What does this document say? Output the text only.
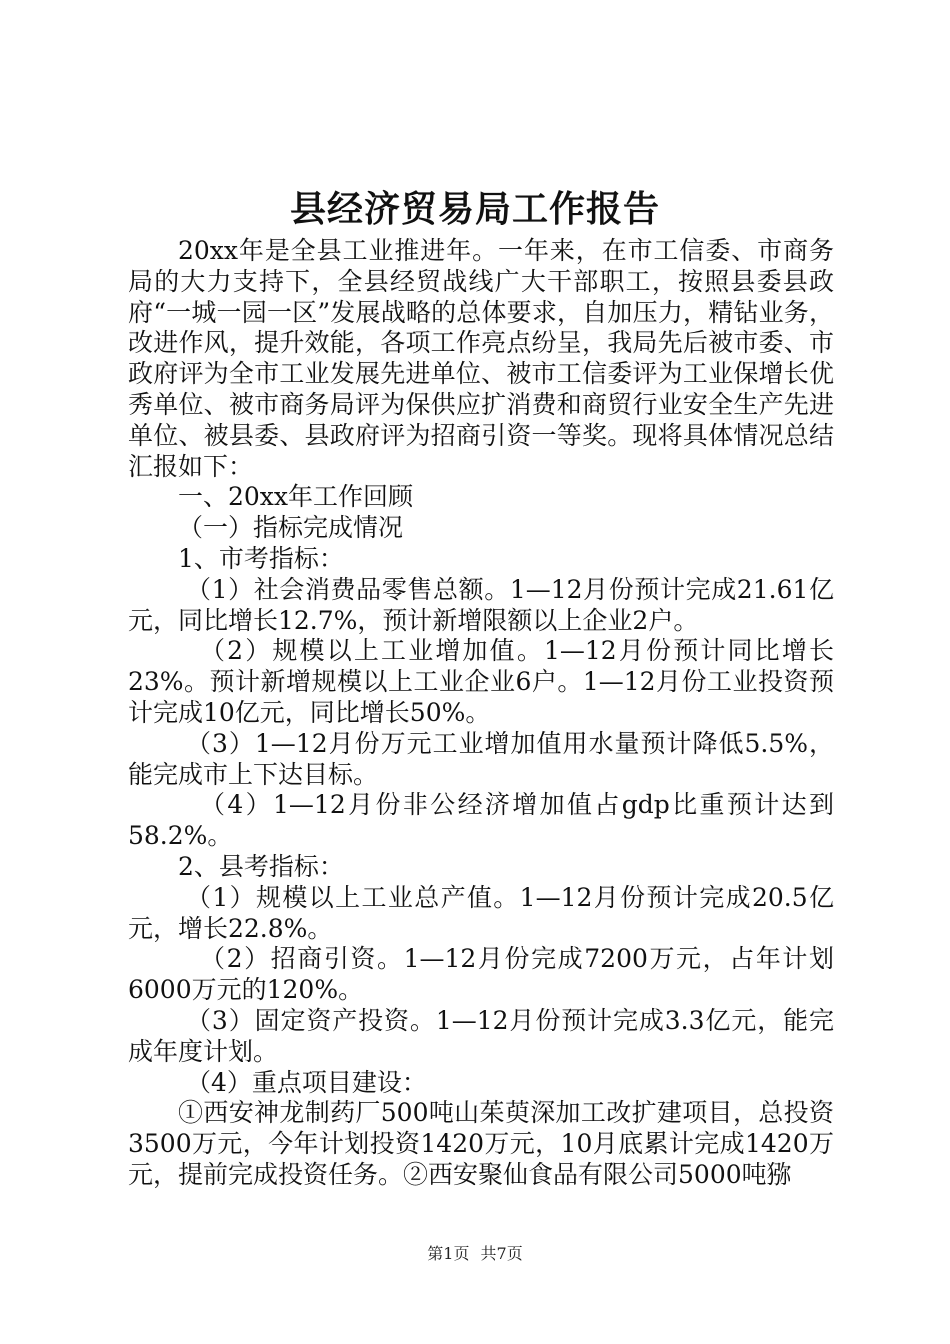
县经济贸易局工作报告

20xx年是全县工业推进年。一年来，在市工信委、市商务局的大力支持下，全县经贸战线广大干部职工，按照县委县政府“一城一园一区”发展战略的总体要求，自加压力，精钻业务，改进作风，提升效能，各项工作亮点纷呈，我局先后被市委、市政府评为全市工业发展先进单位、被市工信委评为工业保增长优秀单位、被市商务局评为保供应扩消费和商贸行业安全生产先进单位、被县委、县政府评为招商引资一等奖。现将具体情况总结汇报如下：

一、20xx年工作回顾

（一）指标完成情况

1、市考指标：

（1）社会消费品零售总额。1—12月份预计完成21.61亿元，同比增长12.7%，预计新增限额以上企业2户。

（2）规模以上工业增加值。1—12月份预计同比增长23%。预计新增规模以上工业企业6户。1—12月份工业投资预计完成10亿元，同比增长50%。

（3）1—12月份万元工业增加值用水量预计降低5.5%，能完成市上下达目标。

（4）1—12月份非公经济增加值占gdp比重预计达到58.2%。

2、县考指标：

（1）规模以上工业总产值。1—12月份预计完成20.5亿元，增长22.8%。

（2）招商引资。1—12月份完成7200万元，占年计划6000万元的120%。

（3）固定资产投资。1—12月份预计完成3.3亿元，能完成年度计划。

（4）重点项目建设：

①西安神龙制药厂500吨山茱萸深加工改扩建项目，总投资3500万元，今年计划投资1420万元，10月底累计完成1420万元，提前完成投资任务。②西安聚仙食品有限公司5000吨猕

第1页 共7页
